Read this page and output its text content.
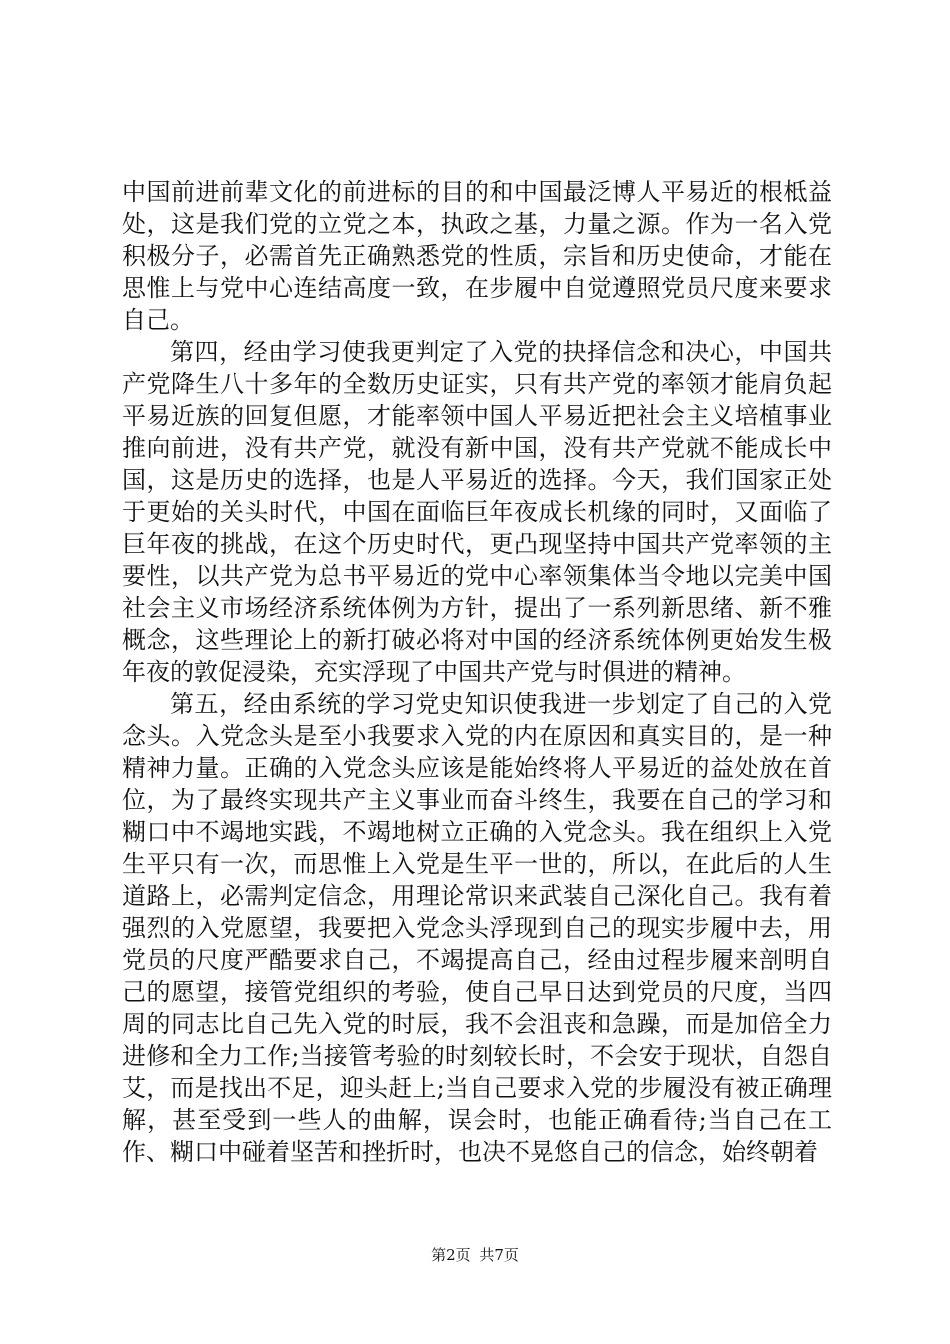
中国前进前辈文化的前进标的目的和中国最泛博人平易近的根柢益处，这是我们党的立党之本，执政之基，力量之源。作为一名入党积极分子，必需首先正确熟悉党的性质，宗旨和历史使命，才能在思惟上与党中心连结高度一致，在步履中自觉遵照党员尺度来要求自己。

第四，经由学习使我更判定了入党的抉择信念和决心，中国共产党降生八十多年的全数历史证实，只有共产党的率领才能肩负起平易近族的回复但愿，才能率领中国人平易近把社会主义培植事业推向前进，没有共产党，就没有新中国，没有共产党就不能成长中国，这是历史的选择，也是人平易近的选择。今天，我们国家正处于更始的关头时代，中国在面临巨年夜成长机缘的同时，又面临了巨年夜的挑战，在这个历史时代，更凸现坚持中国共产党率领的主要性，以共产党为总书平易近的党中心率领集体当令地以完美中国社会主义市场经济系统体例为方针，提出了一系列新思绪、新不雅概念，这些理论上的新打破必将对中国的经济系统体例更始发生极年夜的敦促浸染，充实浮现了中国共产党与时俱进的精神。

第五，经由系统的学习党史知识使我进一步划定了自己的入党念头。入党念头是至小我要求入党的内在原因和真实目的，是一种精神力量。正确的入党念头应该是能始终将人平易近的益处放在首位，为了最终实现共产主义事业而奋斗终生，我要在自己的学习和糊口中不竭地实践，不竭地树立正确的入党念头。我在组织上入党生平只有一次，而思惟上入党是生平一世的，所以，在此后的人生道路上，必需判定信念，用理论常识来武装自己深化自己。我有着强烈的入党愿望，我要把入党念头浮现到自己的现实步履中去，用党员的尺度严酷要求自己，不竭提高自己，经由过程步履来剖明自己的愿望，接管党组织的考验，使自己早日达到党员的尺度，当四周的同志比自己先入党的时辰，我不会沮丧和急躁，而是加倍全力进修和全力工作;当接管考验的时刻较长时，不会安于现状，自怨自艾，而是找出不足，迎头赶上;当自己要求入党的步履没有被正确理解，甚至受到一些人的曲解，误会时，也能正确看待;当自己在工作、糊口中碰着坚苦和挫折时，也决不晃悠自己的信念，始终朝着

第2页 共7页
